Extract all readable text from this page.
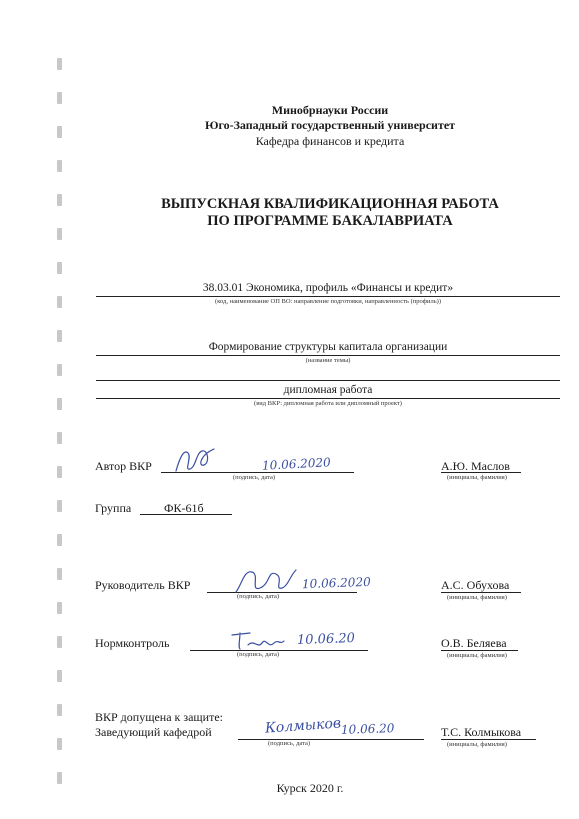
Минобрнауки России
Юго-Западный государственный университет
Кафедра финансов и кредита
ВЫПУСКНАЯ КВАЛИФИКАЦИОННАЯ РАБОТА
ПО ПРОГРАММЕ БАКАЛАВРИАТА
38.03.01 Экономика, профиль «Финансы и кредит»
(код, наименование ОП ВО: направление подготовки, направленность (профиль))
Формирование структуры капитала организации
(название темы)
дипломная работа
(вид ВКР: дипломная работа или дипломный проект)
Автор ВКР	10.06.2020
(подпись, дата)
А.Ю. Маслов
(инициалы, фамилия)
Группа	ФК-61б
Руководитель ВКР	10.06.2020
(подпись, дата)
А.С. Обухова
(инициалы, фамилия)
Нормконтроль	10.06.20
(подпись, дата)
О.В. Беляева
(инициалы, фамилия)
ВКР допущена к защите:
Заведующий кафедрой	Колмыков 10.06.20
(подпись, дата)
Т.С. Колмыкова
(инициалы, фамилия)
Курск 2020 г.
